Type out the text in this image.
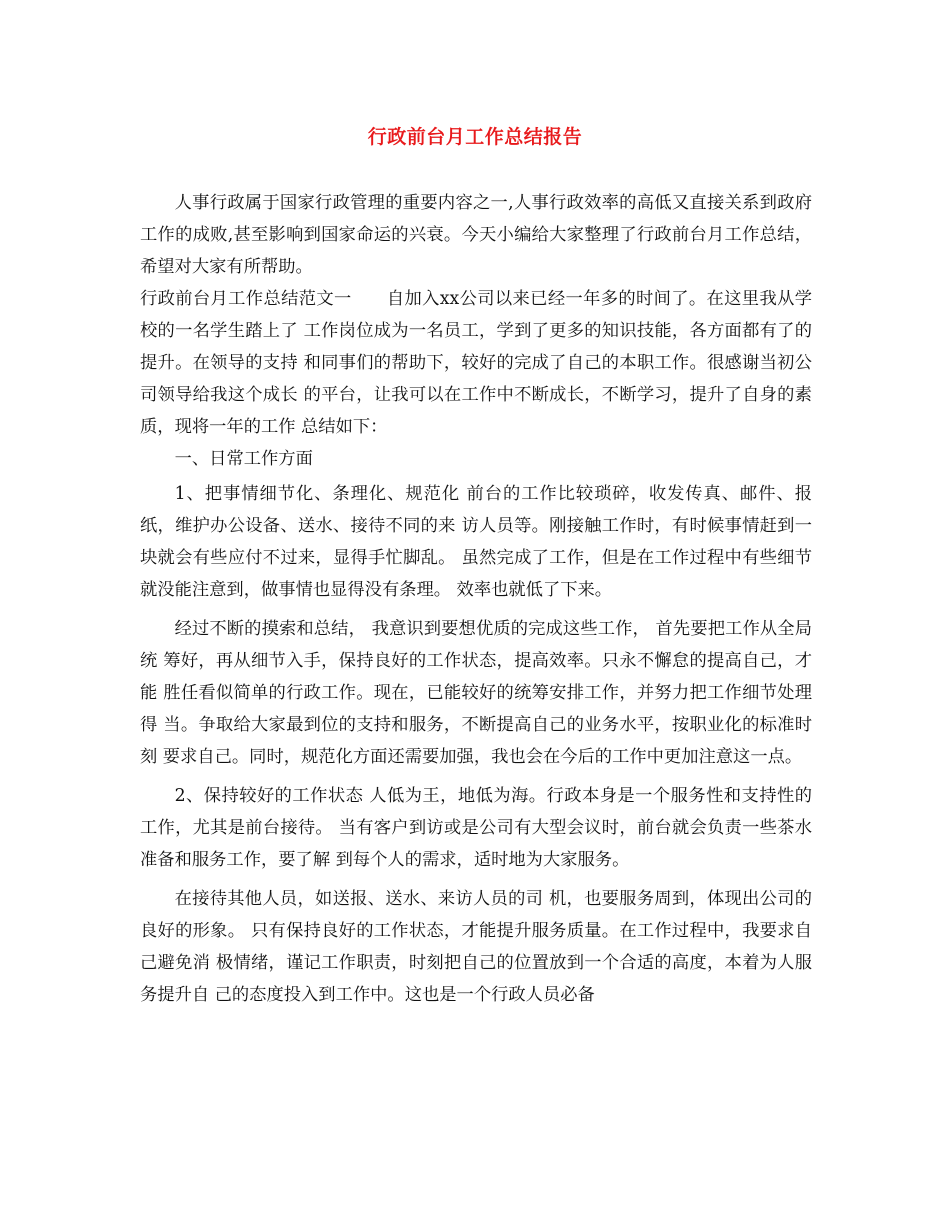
行政前台月工作总结报告

人事行政属于国家行政管理的重要内容之一,人事行政效率的高低又直接关系到政府工作的成败,甚至影响到国家命运的兴衰。今天小编给大家整理了行政前台月工作总结，希望对大家有所帮助。

行政前台月工作总结范文一　　自加入xx公司以来已经一年多的时间了。在这里我从学校的一名学生踏上了 工作岗位成为一名员工，学到了更多的知识技能，各方面都有了的提升。在领导的支持 和同事们的帮助下，较好的完成了自己的本职工作。很感谢当初公司领导给我这个成长 的平台，让我可以在工作中不断成长，不断学习，提升了自身的素质，现将一年的工作 总结如下：

一、日常工作方面

1、把事情细节化、条理化、规范化 前台的工作比较琐碎，收发传真、邮件、报纸，维护办公设备、送水、接待不同的来 访人员等。刚接触工作时，有时候事情赶到一块就会有些应付不过来，显得手忙脚乱。 虽然完成了工作，但是在工作过程中有些细节就没能注意到，做事情也显得没有条理。 效率也就低了下来。

经过不断的摸索和总结， 我意识到要想优质的完成这些工作， 首先要把工作从全局统 筹好，再从细节入手，保持良好的工作状态，提高效率。只永不懈怠的提高自己，才能 胜任看似简单的行政工作。现在，已能较好的统筹安排工作，并努力把工作细节处理得 当。争取给大家最到位的支持和服务，不断提高自己的业务水平，按职业化的标准时刻 要求自己。同时，规范化方面还需要加强，我也会在今后的工作中更加注意这一点。

2、保持较好的工作状态 人低为王，地低为海。行政本身是一个服务性和支持性的工作，尤其是前台接待。 当有客户到访或是公司有大型会议时，前台就会负责一些茶水准备和服务工作，要了解 到每个人的需求，适时地为大家服务。

在接待其他人员，如送报、送水、来访人员的司 机，也要服务周到，体现出公司的良好的形象。 只有保持良好的工作状态，才能提升服务质量。在工作过程中，我要求自己避免消 极情绪，谨记工作职责，时刻把自己的位置放到一个合适的高度，本着为人服务提升自 己的态度投入到工作中。这也是一个行政人员必备
